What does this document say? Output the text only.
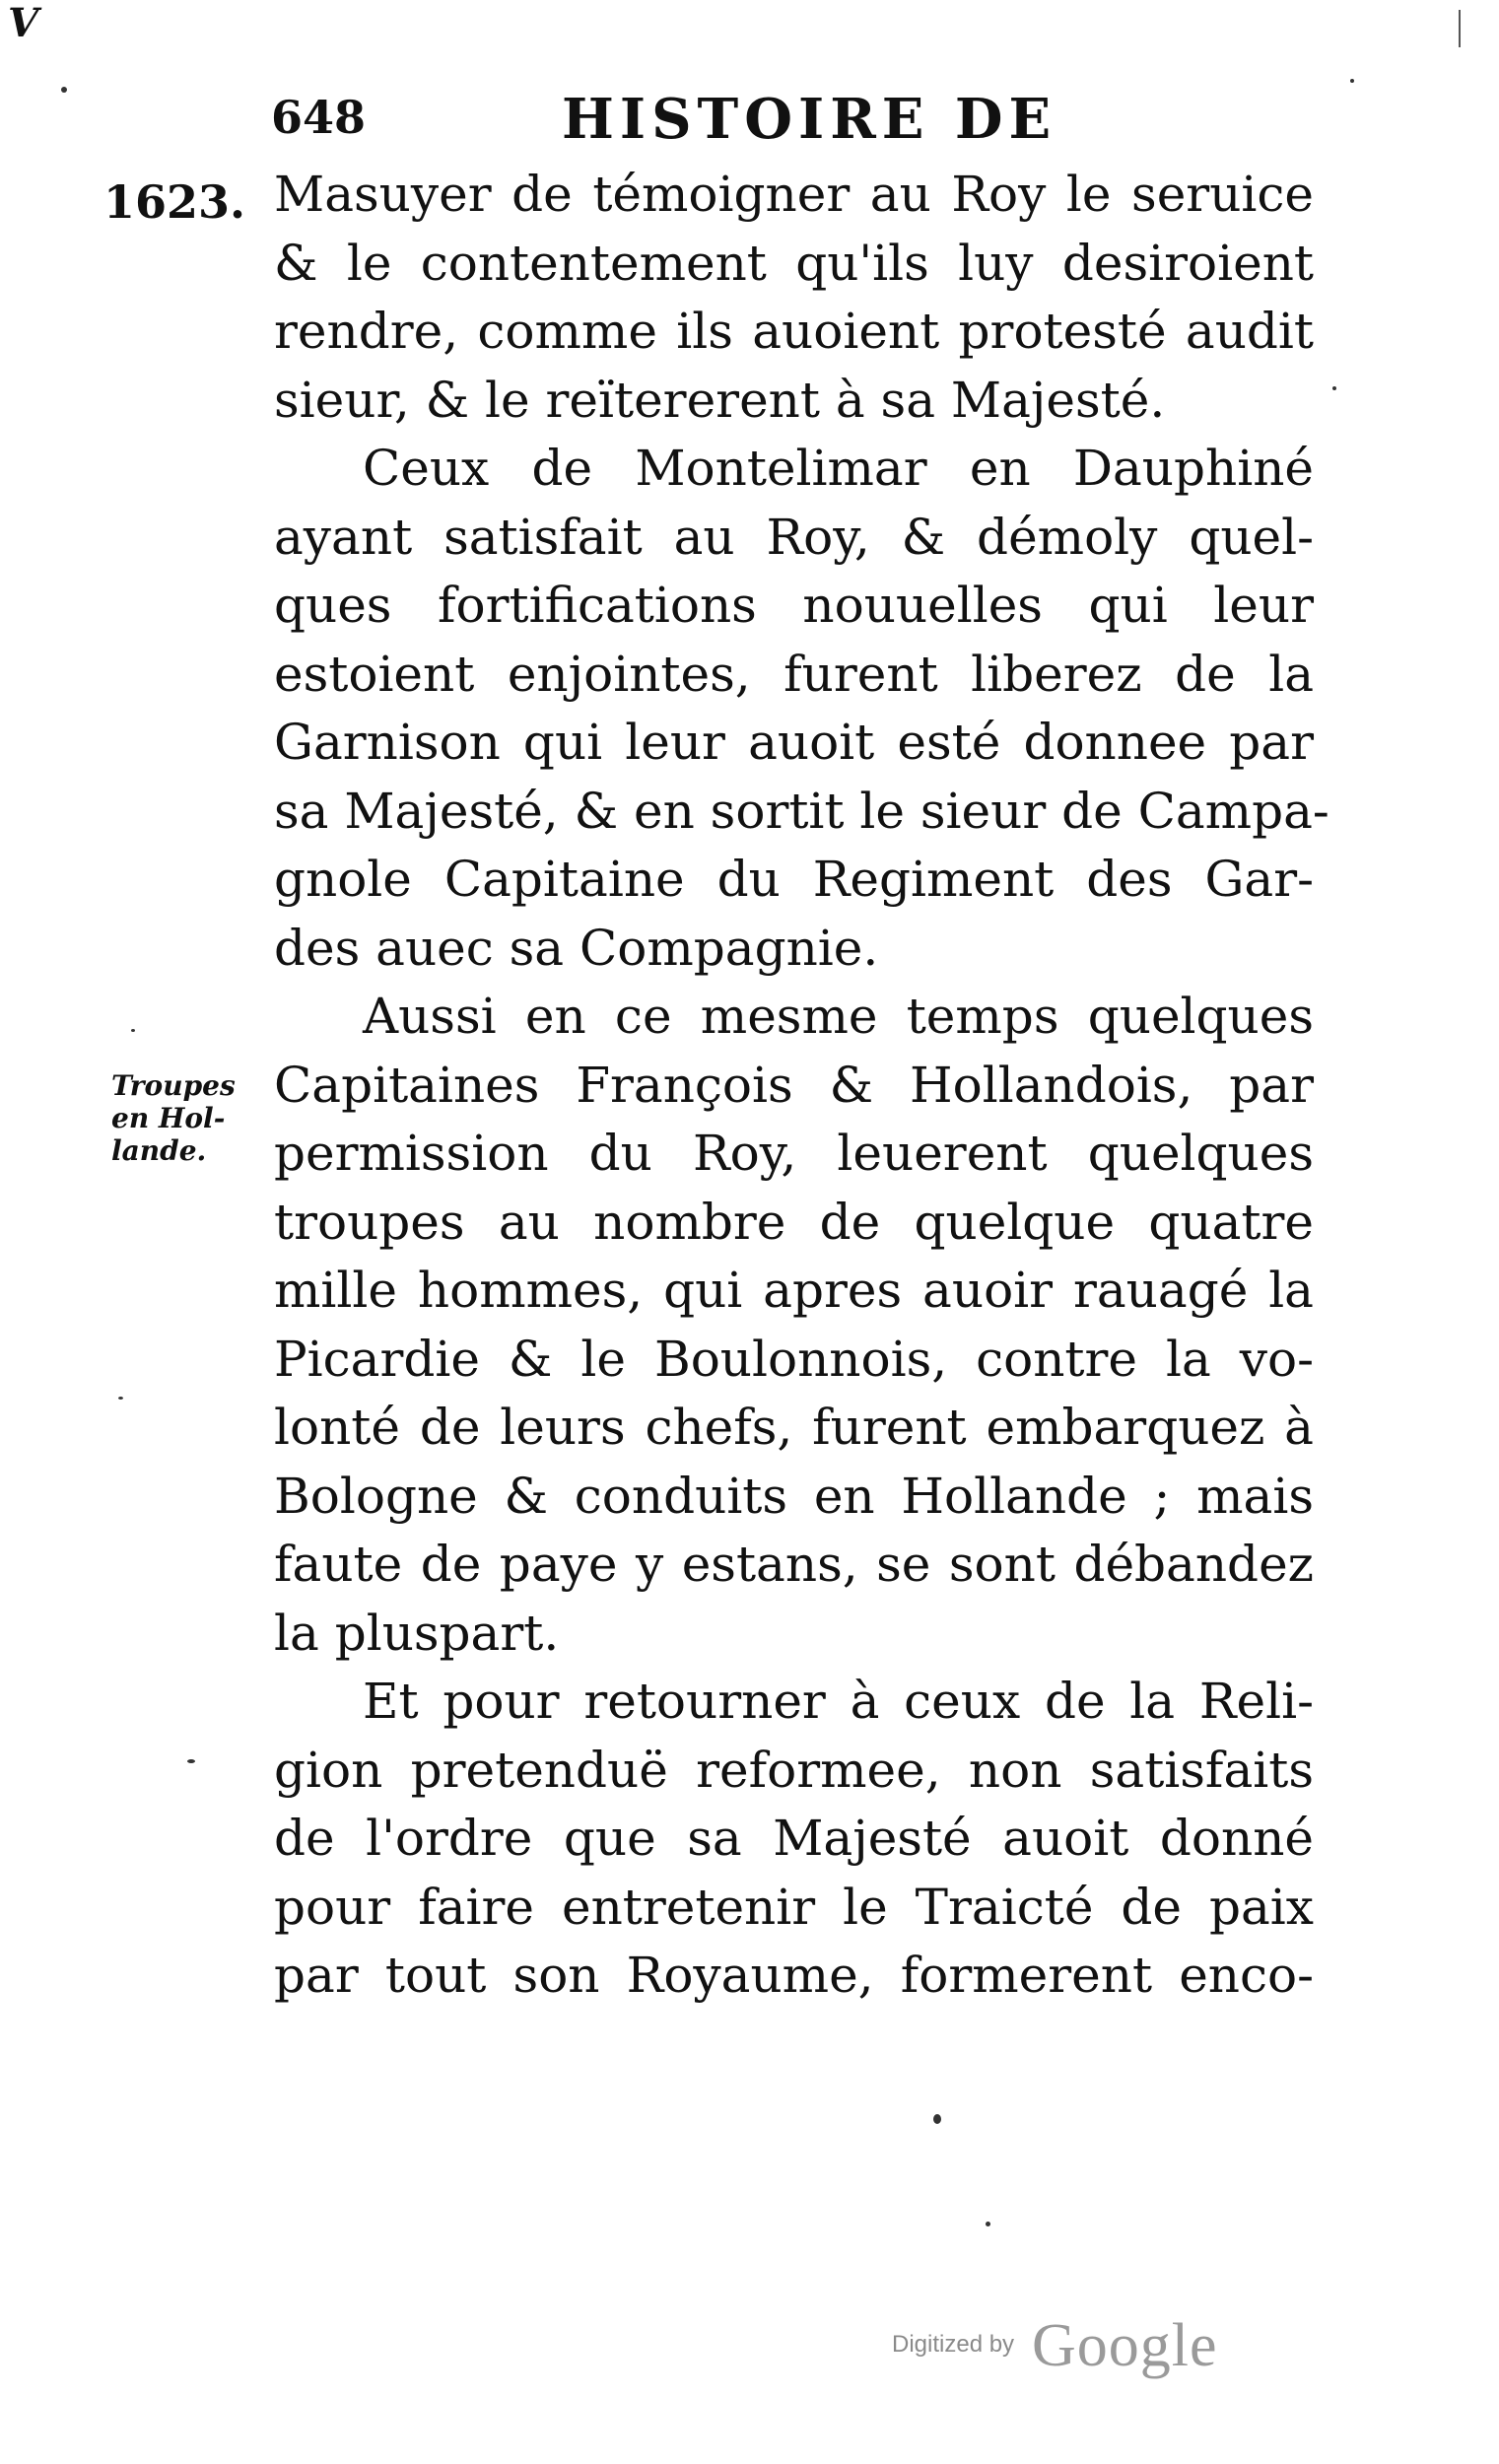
V
648	HISTOIRE DE
1623.
Troupes
en Hol-
lande.
Masuyer de témoigner au Roy le seruice
& le contentement qu'ils luy desiroient
rendre, comme ils auoient protesté audit
sieur, & le reïtererent à sa Majesté.
Ceux de Montelimar en Dauphiné
ayant satisfait au Roy, & démoly quel-
ques fortifications nouuelles qui leur
estoient enjointes, furent liberez de la
Garnison qui leur auoit esté donnee par
sa Majesté, & en sortit le sieur de Campa-
gnole Capitaine du Regiment des Gar-
des auec sa Compagnie.
Aussi en ce mesme temps quelques
Capitaines François & Hollandois, par
permission du Roy, leuerent quelques
troupes au nombre de quelque quatre
mille hommes, qui apres auoir rauagé la
Picardie & le Boulonnois, contre la vo-
lonté de leurs chefs, furent embarquez à
Bologne & conduits en Hollande ; mais
faute de paye y estans, se sont débandez
la pluspart.
Et pour retourner à ceux de la Reli-
gion pretenduë reformee, non satisfaits
de l'ordre que sa Majesté auoit donné
pour faire entretenir le Traicté de paix
par tout son Royaume, formerent enco-
Digitized by Google
